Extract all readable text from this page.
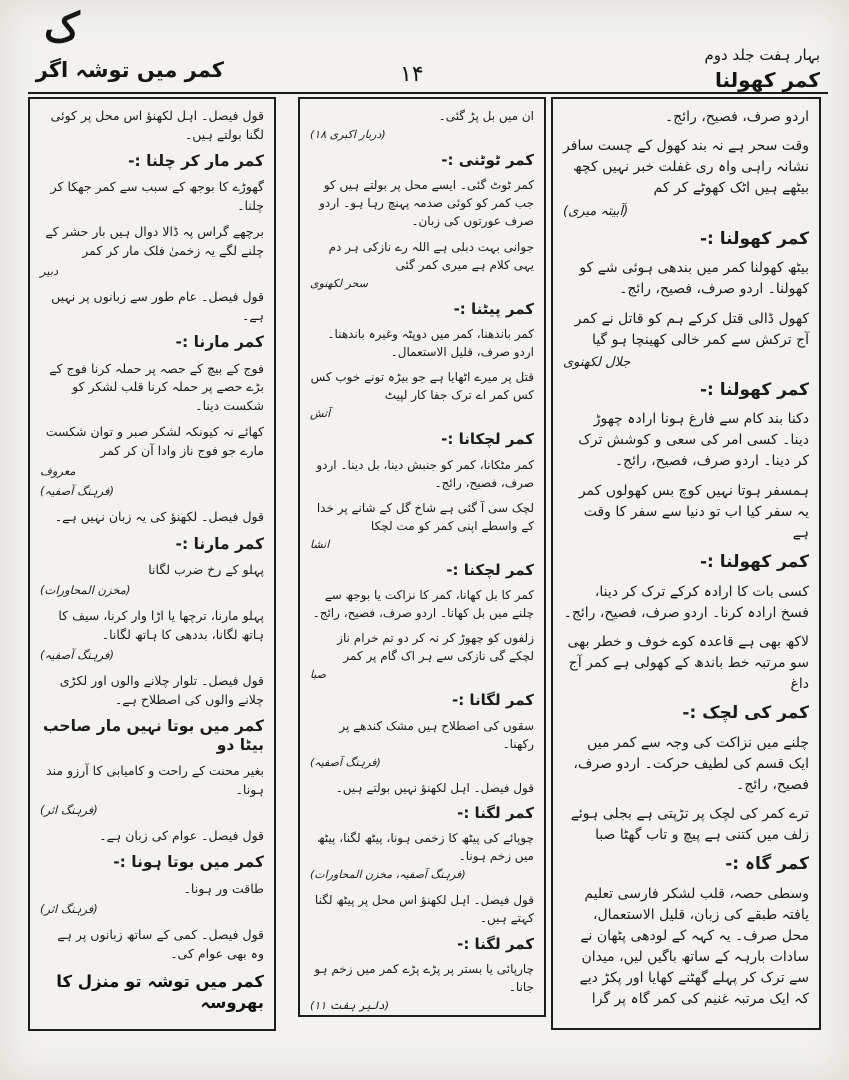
ک
کمر میں توشہ اگر	۱۴
بہار ہفت جلد دوم
کمر کھولنا
اردو صرف، فصیح، رائج۔
وقت سحر ہے نہ بند کھول کے چست سافر نشانہ راہی واہ ری غفلت خبر نہیں کچھ بیٹھے ہیں اٹک کھوٹے کر کم
(آبیتہ میری)
کمر کھولنا :-
بیٹھ کھولنا کمر میں بندھی ہوئی شے کو کھولنا۔ اردو صرف، فصیح، رائج۔
کھول ڈالی قتل کرکے ہم کو قاتل نے کمر آج ترکش سے کمر خالی کھینچا ہو گیا
جلال لکھنوی
کمر کھولنا :-
دکنا بند کام سے فارغ ہونا ارادہ چھوڑ دینا۔ کسی امر کی سعی و کوشش ترک کر دینا۔ اردو صرف، فصیح، رائج۔
ہمسفر ہوتا نہیں کوچ بس کھولوں کمر یہ سفر کیا اب تو دنیا سے سفر کا وقت ہے
کمر کھولنا :-
کسی بات کا ارادہ کرکے ترک کر دینا، فسخ ارادہ کرنا۔ اردو صرف، فصیح، رائج۔
لاکھ بھی ہے قاعدہ کوے خوف و خطر بھی سو مرتبہ خط باندھ کے کھولی ہے کمر آج داغ
کمر کی لچک :-
چلنے میں نزاکت کی وجہ سے کمر میں ایک قسم کی لطیف حرکت۔ اردو صرف، فصیح، رائج۔
ترے کمر کی لچک پر تڑپتی ہے بجلی ہوئے زلف میں کتنی ہے پیچ و تاب گھٹا صبا
کمر گاہ :-
وسطی حصہ، قلب لشکر فارسی تعلیم یافتہ طبقے کی زبان، قلیل الاستعمال، محل صرف۔ یہ کہہ کے لودھی پٹھان نے سادات بارہہ کے ساتھ باگیں لیں، میدان سے ترک کر پہلے گھٹنے کھایا اور پکڑ دیے کہ ایک مرتبہ غنیم کی کمر گاہ پر گرا
ان میں بل پڑ گئی۔
(دربار اکبری ۱۸)
کمر ٹوٹنی :-
کمر ٹوٹ گئی۔ ایسے محل پر بولتے ہیں کو جب کمر کو کوئی صدمہ پہنچ رہا ہو۔ اردو صرف عورتوں کی زبان۔
جوانی بہت دبلی ہے اللہ رے نازکی ہر دم یہی کلام ہے میری کمر گئی
سحر لکھنوی
کمر پیٹنا :-
کمر باندھنا، کمر میں دوپٹہ وغیرہ باندھنا۔ اردو صرف، قلیل الاستعمال۔
قتل پر میرے اٹھایا ہے جو بیڑہ تونے خوب کس کس کمر اے ترک جفا کار لپیٹ
آتش
کمر لچکانا :-
کمر مٹکانا، کمر کو جنبش دینا، بل دینا۔ اردو صرف، فصیح، رائج۔
لچک سی آ گئی ہے شاخ گل کے شانے پر خدا کے واسطے اپنی کمر کو مت لچکا
انشا
کمر لچکنا :-
کمر کا بل کھانا، کمر کا نزاکت یا بوجھ سے چلنے میں بل کھانا۔ اردو صرف، فصیح، رائج۔
زلفوں کو چھوڑ کر نہ کر دو تم خرام ناز لچکے گی نازکی سے ہر اک گام پر کمر
صبا
کمر لگانا :-
سقوں کی اصطلاح ہیں مشک کندھے پر رکھنا۔
(فرہنگ آصفیہ)
قول فیصل۔ اہل لکھنؤ نہیں بولتے ہیں۔
کمر لگنا :-
چوپائے کی پیٹھ کا زخمی ہونا، پیٹھ لگنا، پیٹھ میں زخم ہونا۔
(فرہنگ آصفیہ، مخزن المحاورات)
قول فیصل۔ اہل لکھنؤ اس محل پر پیٹھ لگنا کہتے ہیں۔
کمر لگنا :-
چارپائی یا بستر پر پڑے پڑے کمر میں زخم ہو جانا۔
(دلبر ہفت ۱۱)
قول فیصل۔ اہل لکھنؤ اس محل پر کوئی لگنا بولتے ہیں۔
کمر مار کر چلنا :-
گھوڑے کا بوجھ کے سبب سے کمر جھکا کر چلنا۔
برچھے گراس پہ ڈالا دوال ہیں بار حشر کے چلنے لگے یہ زخمیٰ فلک مار کر کمر
دبیر
قول فیصل۔ عام طور سے زبانوں پر نہیں ہے۔
کمر مارنا :-
فوج کے بیچ کے حصہ پر حملہ کرنا فوج کے بڑے حصے پر حملہ کرنا قلب لشکر کو شکست دینا۔
کھائے نہ کیونکہ لشکر صبر و توان شکست مارے جو فوج ناز وادا آن کر کمر
معروف
(فرہنگ آصفیہ)
قول فیصل۔ لکھنؤ کی یہ زبان نہیں ہے۔
کمر مارنا :-
پہلو کے رخ ضرب لگانا
(مخزن المحاورات)
پہلو مارنا، ترچھا یا اڑا وار کرنا، سیف کا ہاتھ لگانا، بددھی کا ہاتھ لگانا۔
(فرہنگ آصفیہ)
قول فیصل۔ تلوار چلانے والوں اور لکڑی چلانے والوں کی اصطلاح ہے۔
کمر میں بوتا نہیں مار صاحب بیٹا دو
بغیر محنت کے راحت و کامیابی کا آرزو مند ہونا۔
(فرہنگ اثر)
قول فیصل۔ عوام کی زبان ہے۔
کمر میں بوتا ہونا :-
طاقت ور ہونا۔
(فرہنگ اثر)
قول فیصل۔ کمی کے ساتھ زبانوں پر ہے وہ بھی عوام کی۔
کمر میں توشہ تو منزل کا بھروسہ
